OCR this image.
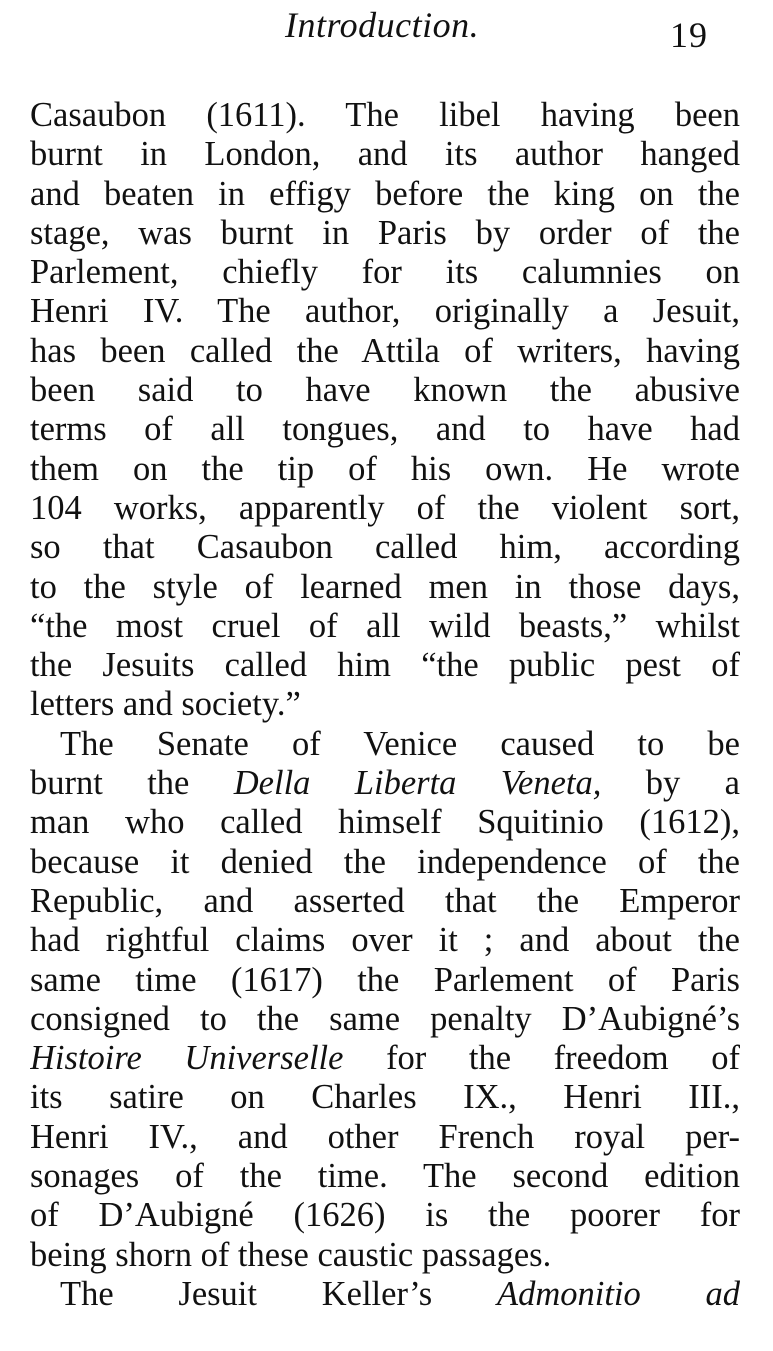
Introduction.	19
Casaubon (1611). The libel having been
burnt in London, and its author hanged
and beaten in effigy before the king on the
stage, was burnt in Paris by order of the
Parlement, chiefly for its calumnies on
Henri IV. The author, originally a Jesuit,
has been called the Attila of writers, having
been said to have known the abusive
terms of all tongues, and to have had
them on the tip of his own. He wrote
104 works, apparently of the violent sort,
so that Casaubon called him, according
to the style of learned men in those days,
“the most cruel of all wild beasts,” whilst
the Jesuits called him “the public pest of
letters and society.”
The Senate of Venice caused to be
burnt the Della Liberta Veneta, by a
man who called himself Squitinio (1612),
because it denied the independence of the
Republic, and asserted that the Emperor
had rightful claims over it ; and about the
same time (1617) the Parlement of Paris
consigned to the same penalty D’Aubigné’s
Histoire Universelle for the freedom of
its satire on Charles IX., Henri III.,
Henri IV., and other French royal per-
sonages of the time. The second edition
of D’Aubigné (1626) is the poorer for
being shorn of these caustic passages.
The Jesuit Keller’s Admonitio ad
